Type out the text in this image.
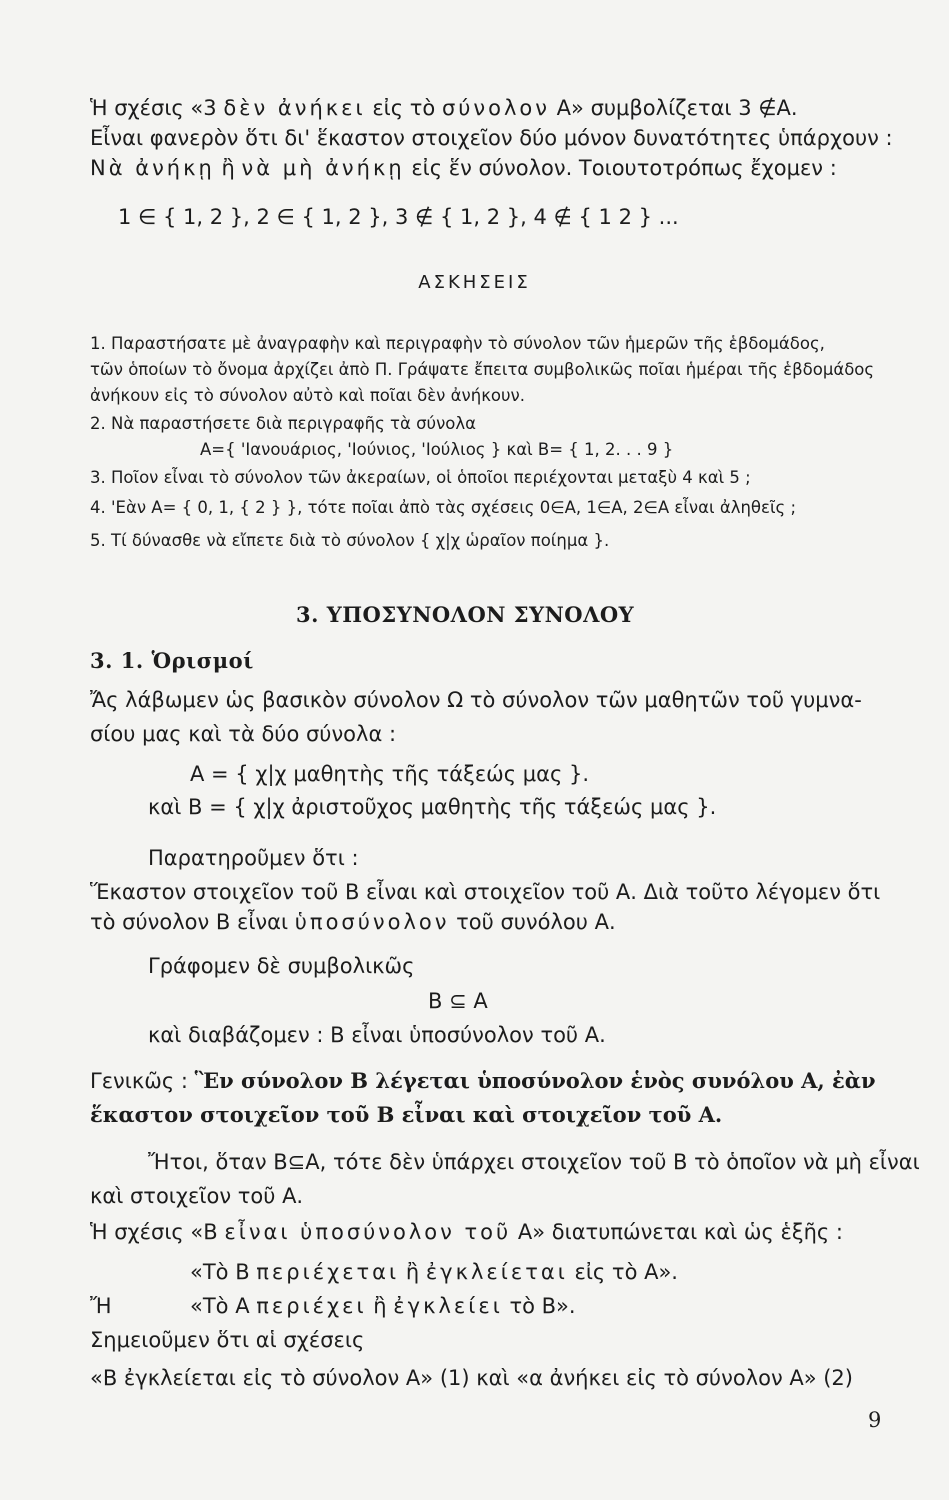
Ἡ σχέσις «3 δὲν ἀνήκει εἰς τὸ σύνολον Α» συμβολίζεται 3 ∉Α.
Εἶναι φανερὸν ὅτι δι' ἕκαστον στοιχεῖον δύο μόνον δυνατότητες ὑπάρχουν :
Νὰ ἀνήκῃ ἢ νὰ μὴ ἀνήκῃ εἰς ἕν σύνολον. Τοιουτοτρόπως ἔχομεν :
1 ∈ { 1, 2 }, 2 ∈ { 1, 2 }, 3 ∉ { 1, 2 }, 4 ∉ { 1 2 } ...
ΑΣΚΗΣΕΙΣ
1. Παραστήσατε μὲ ἀναγραφὴν καὶ περιγραφὴν τὸ σύνολον τῶν ἡμερῶν τῆς ἑβδομάδος,
τῶν ὁποίων τὸ ὄνομα ἀρχίζει ἀπὸ Π. Γράψατε ἔπειτα συμβολικῶς ποῖαι ἡμέραι τῆς ἑβδομάδος
ἀνήκουν εἰς τὸ σύνολον αὐτὸ καὶ ποῖαι δὲν ἀνήκουν.
2. Νὰ παραστήσετε διὰ περιγραφῆς τὰ σύνολα
Α={ 'Ιανουάριος, 'Ιούνιος, 'Ιούλιος } καὶ Β= { 1, 2. . . 9 }
3. Ποῖον εἶναι τὸ σύνολον τῶν ἀκεραίων, οἱ ὁποῖοι περιέχονται μεταξὺ 4 καὶ 5 ;
4. 'Εὰν Α= { 0, 1, { 2 } }, τότε ποῖαι ἀπὸ τὰς σχέσεις 0∈Α, 1∈Α, 2∈Α εἶναι ἀληθεῖς ;
5. Τί δύνασθε νὰ εἴπετε διὰ τὸ σύνολον { χ|χ ὡραῖον ποίημα }.
3. ΥΠΟΣΥΝΟΛΟΝ ΣΥΝΟΛΟΥ
3. 1. Ὁρισμοί
Ἄς λάβωμεν ὡς βασικὸν σύνολον Ω τὸ σύνολον τῶν μαθητῶν τοῦ γυμνα-
σίου μας καὶ τὰ δύο σύνολα :
Α = { χ|χ μαθητὴς τῆς τάξεώς μας }.
καὶ Β = { χ|χ ἀριστοῦχος μαθητὴς τῆς τάξεώς μας }.
Παρατηροῦμεν ὅτι :
Ἕκαστον στοιχεῖον τοῦ Β εἶναι καὶ στοιχεῖον τοῦ Α. Διὰ τοῦτο λέγομεν ὅτι
τὸ σύνολον Β εἶναι ὑποσύνολον τοῦ συνόλου Α.
Γράφομεν δὲ συμβολικῶς
Β ⊆ Α
καὶ διαβάζομεν : Β εἶναι ὑποσύνολον τοῦ Α.
Γενικῶς : Ἓν σύνολον Β λέγεται ὑποσύνολον ἑνὸς συνόλου Α, ἐὰν
ἕκαστον στοιχεῖον τοῦ Β εἶναι καὶ στοιχεῖον τοῦ Α.
Ἤτοι, ὅταν Β⊆Α, τότε δὲν ὑπάρχει στοιχεῖον τοῦ Β τὸ ὁποῖον νὰ μὴ εἶναι
καὶ στοιχεῖον τοῦ Α.
Ἡ σχέσις «Β εἶναι ὑποσύνολον τοῦ Α» διατυπώνεται καὶ ὡς ἑξῆς :
«Τὸ Β περιέχεται ἢ ἐγκλείεται εἰς τὸ Α».
Ἤ	«Τὸ Α περιέχει ἢ ἐγκλείει τὸ Β».
Σημειοῦμεν ὅτι αἱ σχέσεις
«Β ἐγκλείεται εἰς τὸ σύνολον Α» (1) καὶ «α ἀνήκει εἰς τὸ σύνολον Α» (2)
9
